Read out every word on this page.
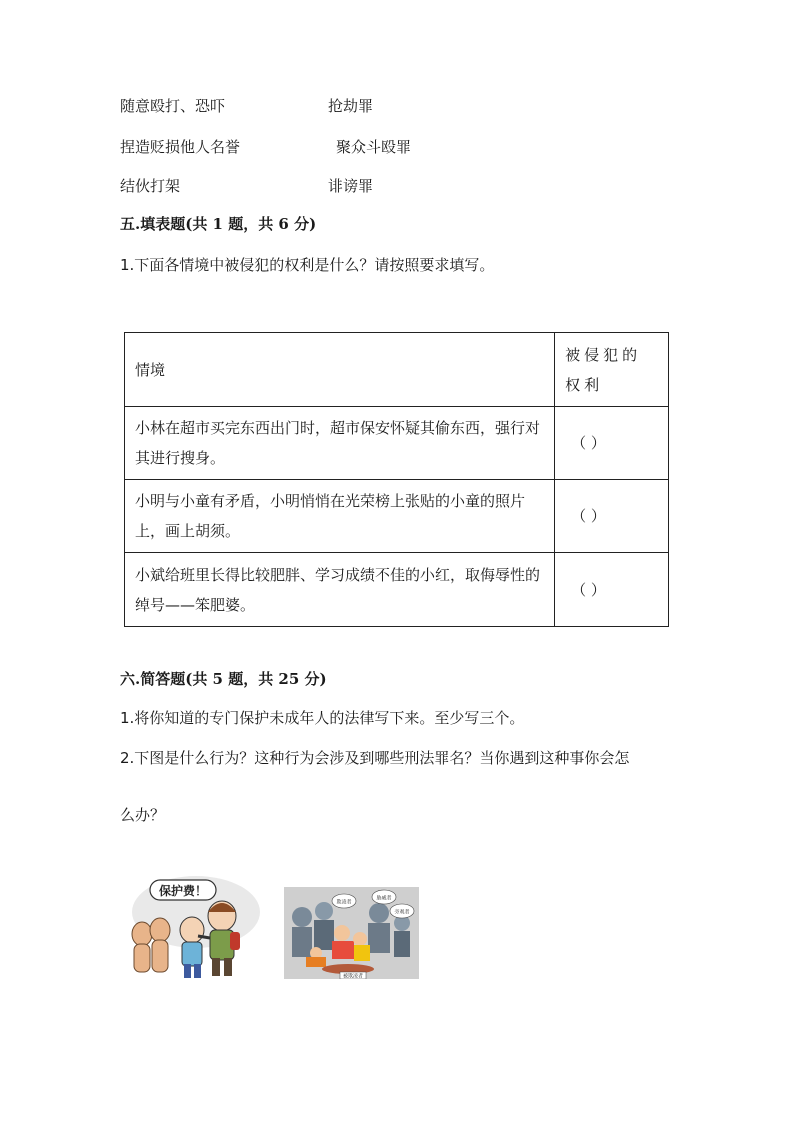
随意殴打、恐吓	抢劫罪
捏造贬损他人名誉	聚众斗殴罪
结伙打架	诽谤罪
五.填表题(共 1 题，共 6 分)
1.下面各情境中被侵犯的权利是什么？请按照要求填写。
情境	被侵犯的权利
小林在超市买完东西出门时，超市保安怀疑其偷东西，强行对其进行搜身。	（ ）
小明与小童有矛盾，小明悄悄在光荣榜上张贴的小童的照片上，画上胡须。	（ ）
小斌给班里长得比较肥胖、学习成绩不佳的小红，取侮辱性的绰号——笨肥婆。	（ ）
六.简答题(共 5 题，共 25 分)
1.将你知道的专门保护未成年人的法律写下来。至少写三个。
2.下图是什么行为？这种行为会涉及到哪些刑法罪名？当你遇到这种事你会怎
么办？
保护费！
欺凌者
胁威者
旁观者
被欺凌者
